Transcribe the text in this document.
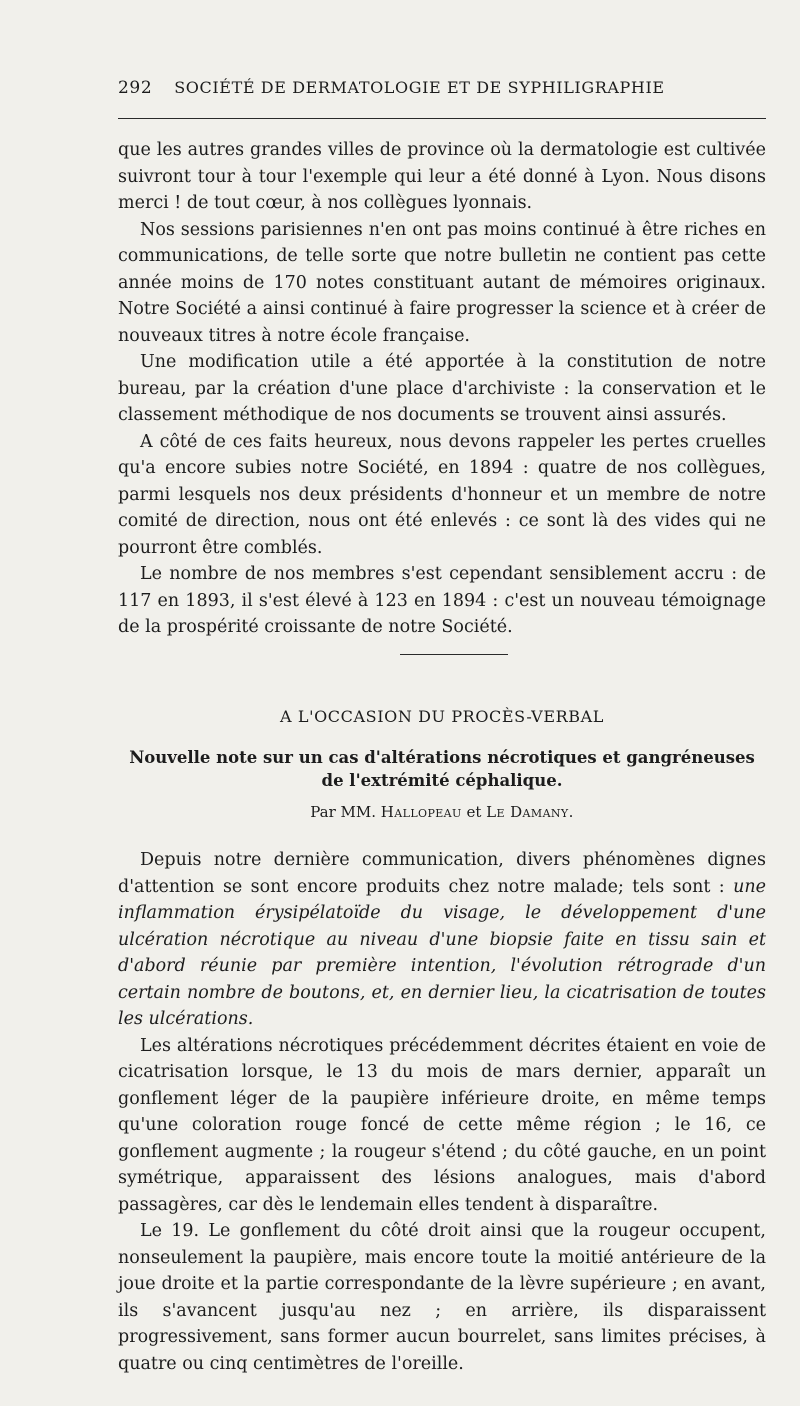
292 SOCIÉTÉ DE DERMATOLOGIE ET DE SYPHILIGRAPHIE

que les autres grandes villes de province où la dermatologie est cultivée suivront tour à tour l'exemple qui leur a été donné à Lyon. Nous disons merci ! de tout cœur, à nos collègues lyonnais.

Nos sessions parisiennes n'en ont pas moins continué à être riches en communications, de telle sorte que notre bulletin ne contient pas cette année moins de 170 notes constituant autant de mémoires originaux. Notre Société a ainsi continué à faire progresser la science et à créer de nouveaux titres à notre école française.

Une modification utile a été apportée à la constitution de notre bureau, par la création d'une place d'archiviste : la conservation et le classement méthodique de nos documents se trouvent ainsi assurés.

A côté de ces faits heureux, nous devons rappeler les pertes cruelles qu'a encore subies notre Société, en 1894 : quatre de nos collègues, parmi lesquels nos deux présidents d'honneur et un membre de notre comité de direction, nous ont été enlevés : ce sont là des vides qui ne pourront être comblés.

Le nombre de nos membres s'est cependant sensiblement accru : de 117 en 1893, il s'est élevé à 123 en 1894 : c'est un nouveau témoignage de la prospérité croissante de notre Société.

A L'OCCASION DU PROCÈS-VERBAL
Nouvelle note sur un cas d'altérations nécrotiques et gangréneuses de l'extrémité céphalique.
Par MM. Hallopeau et Le Damany.

Depuis notre dernière communication, divers phénomènes dignes d'attention se sont encore produits chez notre malade; tels sont : une inflammation érysipélatoïde du visage, le développement d'une ulcération nécrotique au niveau d'une biopsie faite en tissu sain et d'abord réunie par première intention, l'évolution rétrograde d'un certain nombre de boutons, et, en dernier lieu, la cicatrisation de toutes les ulcérations.

Les altérations nécrotiques précédemment décrites étaient en voie de cicatrisation lorsque, le 13 du mois de mars dernier, apparaît un gonflement léger de la paupière inférieure droite, en même temps qu'une coloration rouge foncé de cette même région ; le 16, ce gonflement augmente ; la rougeur s'étend ; du côté gauche, en un point symétrique, apparaissent des lésions analogues, mais d'abord passagères, car dès le lendemain elles tendent à disparaître.

Le 19. Le gonflement du côté droit ainsi que la rougeur occupent, nonseulement la paupière, mais encore toute la moitié antérieure de la joue droite et la partie correspondante de la lèvre supérieure ; en avant, ils s'avancent jusqu'au nez ; en arrière, ils disparaissent progressivement, sans former aucun bourrelet, sans limites précises, à quatre ou cinq centimètres de l'oreille.
